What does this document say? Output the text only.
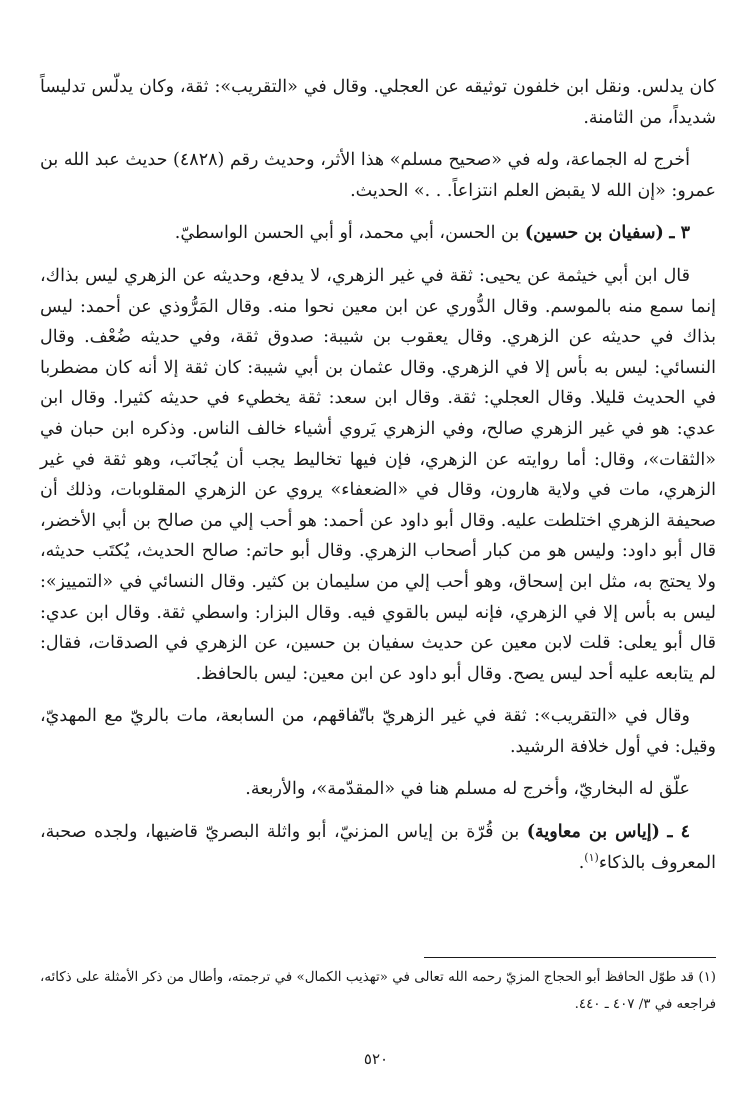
كان يدلس. ونقل ابن خلفون توثيقه عن العجلي. وقال في «التقريب»: ثقة، وكان يدلّس تدليساً شديداً، من الثامنة.

أخرج له الجماعة، وله في «صحيح مسلم» هذا الأثر، وحديث رقم (٤٨٢٨) حديث عبد الله بن عمرو: «إن الله لا يقبض العلم انتزاعاً. . .» الحديث.

٣ ـ (سفيان بن حسين) بن الحسن، أبي محمد، أو أبي الحسن الواسطيّ.

قال ابن أبي خيثمة عن يحيى: ثقة في غير الزهري، لا يدفع، وحديثه عن الزهري ليس بذاك، إنما سمع منه بالموسم. وقال الدُّوري عن ابن معين نحوا منه. وقال المَرُّوذي عن أحمد: ليس بذاك في حديثه عن الزهري. وقال يعقوب بن شيبة: صدوق ثقة، وفي حديثه ضُعْف. وقال النسائي: ليس به بأس إلا في الزهري. وقال عثمان بن أبي شيبة: كان ثقة إلا أنه كان مضطربا في الحديث قليلا. وقال العجلي: ثقة. وقال ابن سعد: ثقة يخطيء في حديثه كثيرا. وقال ابن عدي: هو في غير الزهري صالح، وفي الزهري يَروي أشياء خالف الناس. وذكره ابن حبان في «الثقات»، وقال: أما روايته عن الزهري، فإن فيها تخاليط يجب أن يُجانَب، وهو ثقة في غير الزهري، مات في ولاية هارون، وقال في «الضعفاء» يروي عن الزهري المقلوبات، وذلك أن صحيفة الزهري اختلطت عليه. وقال أبو داود عن أحمد: هو أحب إلي من صالح بن أبي الأخضر، قال أبو داود: وليس هو من كبار أصحاب الزهري. وقال أبو حاتم: صالح الحديث، يُكتَب حديثه، ولا يحتج به، مثل ابن إسحاق، وهو أحب إلي من سليمان بن كثير. وقال النسائي في «التمييز»: ليس به بأس إلا في الزهري، فإنه ليس بالقوي فيه. وقال البزار: واسطي ثقة. وقال ابن عدي: قال أبو يعلى: قلت لابن معين عن حديث سفيان بن حسين، عن الزهري في الصدقات، فقال: لم يتابعه عليه أحد ليس يصح. وقال أبو داود عن ابن معين: ليس بالحافظ.

وقال في «التقريب»: ثقة في غير الزهريّ باتّفاقهم، من السابعة، مات بالريّ مع المهديّ، وقيل: في أول خلافة الرشيد.

علّق له البخاريّ، وأخرج له مسلم هنا في «المقدّمة»، والأربعة.

٤ ـ (إياس بن معاوية) بن قُرّة بن إياس المزنيّ، أبو واثلة البصريّ قاضيها، ولجده صحبة، المعروف بالذكاء$^{(١)}$.

(١) قد طوّل الحافظ أبو الحجاج المزيّ رحمه الله تعالى في «تهذيب الكمال» في ترجمته، وأطال من ذكر الأمثلة على ذكائه، فراجعه في ٣/ ٤٠٧ ـ ٤٤٠.
٥٢٠
